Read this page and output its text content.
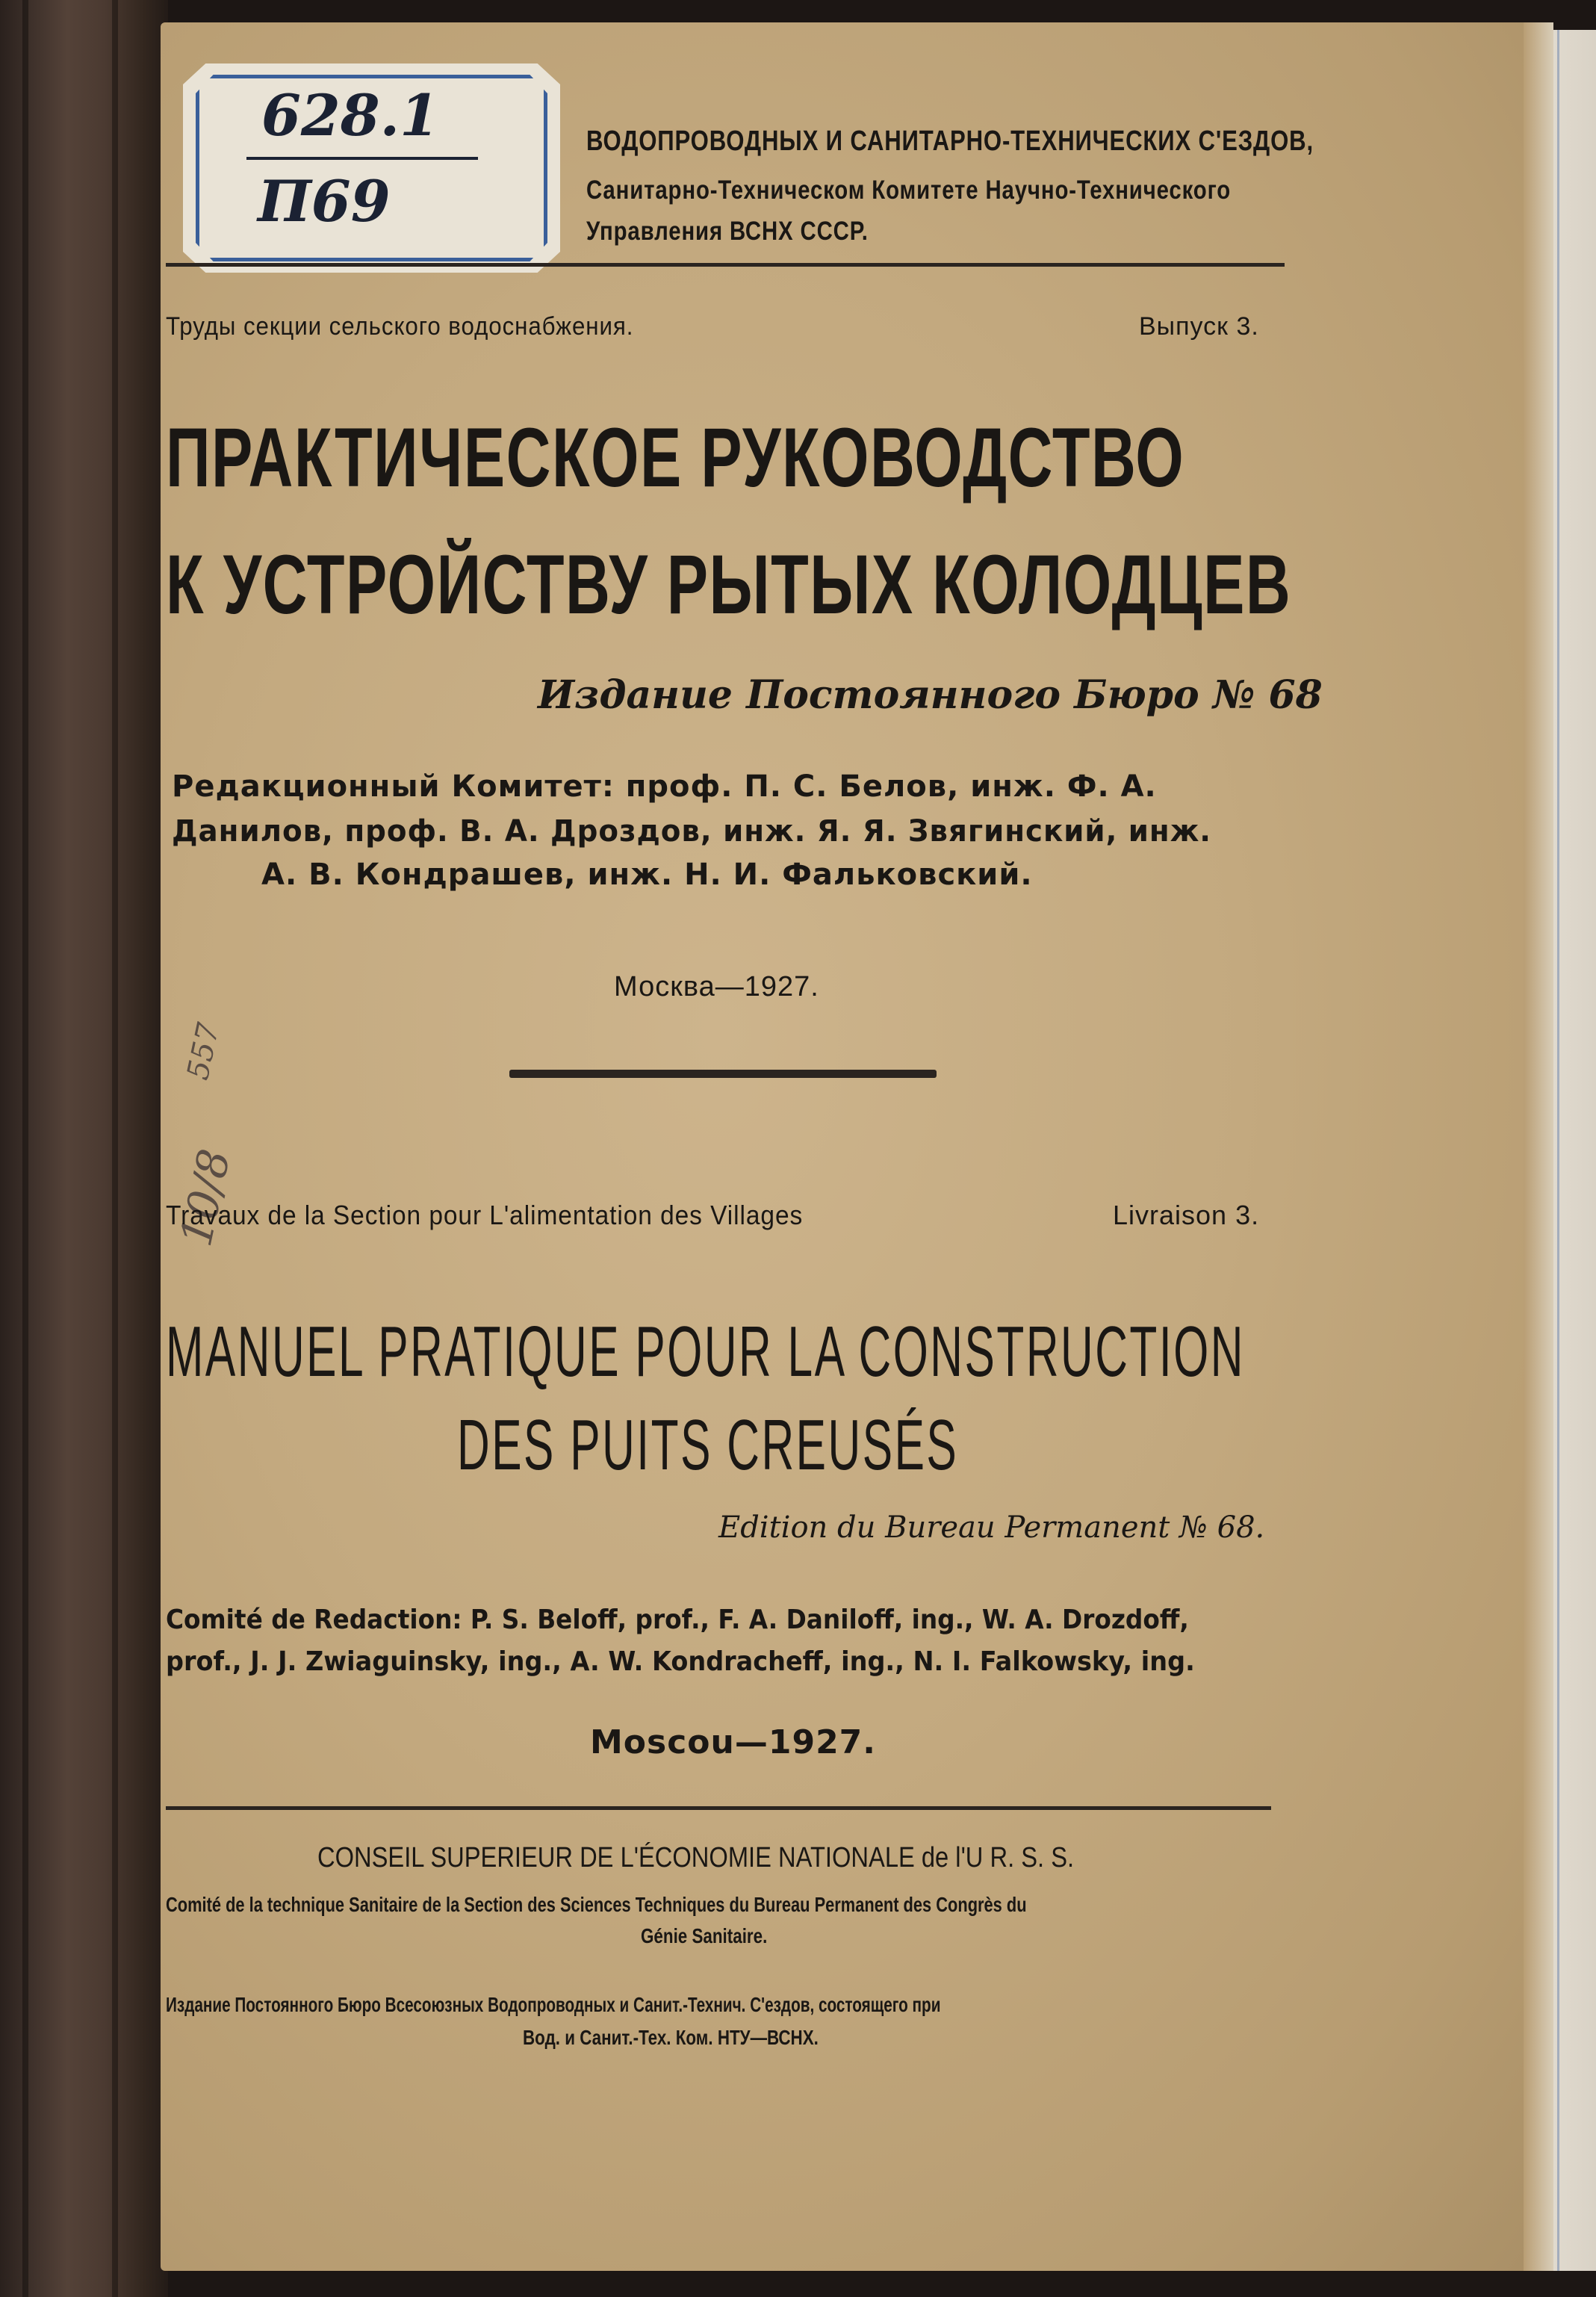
628.1
П69
ВОДОПРОВОДНЫХ И САНИТАРНО-ТЕХНИЧЕСКИХ С'ЕЗДОВ,
Санитарно-Техническом Комитете Научно-Технического
Управления ВСНХ СССР.
Труды секции сельского водоснабжения.	Выпуск 3.
ПРАКТИЧЕСКОЕ РУКОВОДСТВО
К УСТРОЙСТВУ РЫТЫХ КОЛОДЦЕВ
Издание Постоянного Бюро № 68
Редакционный Комитет: проф. П. С. Белов, инж. Ф. А.
Данилов, проф. В. А. Дроздов, инж. Я. Я. Звягинский, инж.
А. В. Кондрашев, инж. Н. И. Фальковский.
Москва—1927.
10/8
557
Travaux de la Section pour L'alimentation des Villages	Livraison 3.
MANUEL PRATIQUE POUR LA CONSTRUCTION
DES PUITS CREUSÉS
Edition du Bureau Permanent № 68.
Comité de Redaction: P. S. Beloff, prof., F. A. Daniloff, ing., W. A. Drozdoff,
prof., J. J. Zwiaguinsky, ing., A. W. Kondracheff, ing., N. I. Falkowsky, ing.
Moscou—1927.
CONSEIL SUPERIEUR DE L'ÉCONOMIE NATIONALE de l'U R. S. S.
Comité de la technique Sanitaire de la Section des Sciences Techniques du Bureau Permanent des Congrès du
Génie Sanitaire.
Издание Постоянного Бюро Всесоюзных Водопроводных и Санит.-Технич. С'ездов, состоящего при
Вод. и Санит.-Тех. Ком. НТУ—ВСНХ.
